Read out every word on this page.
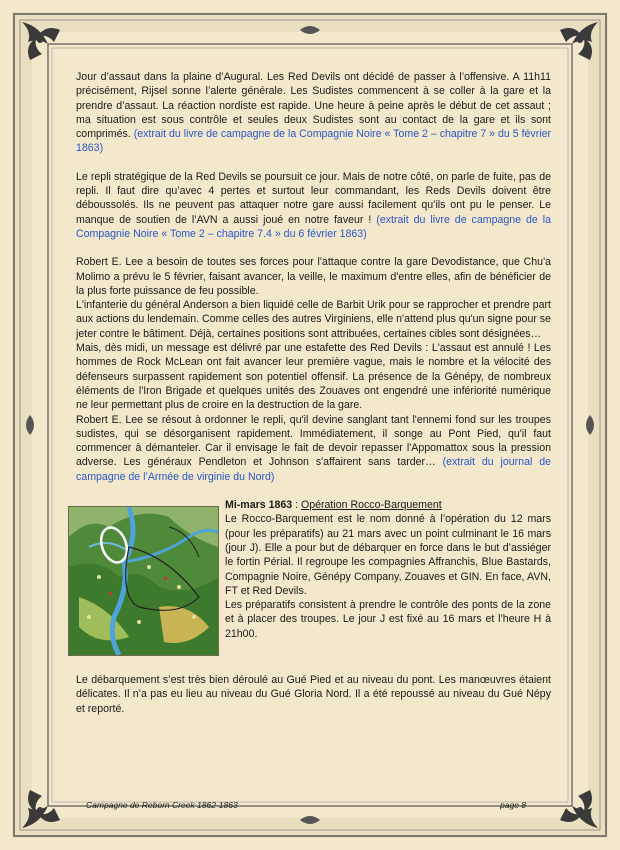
Jour d’assaut dans la plaine d’Augural. Les Red Devils ont décidé de passer à l’offensive. A 11h11 précisément, Rijsel sonne l’alerte générale. Les Sudistes commencent à se coller à la gare et la prendre d’assaut. La réaction nordiste est rapide. Une heure à peine après le début de cet assaut ; ma situation est sous contrôle et seules deux Sudistes sont au contact de la gare et ils sont comprimés. (extrait du livre de campagne de la Compagnie Noire « Tome 2 – chapitre 7 » du 5 février 1863)

Le repli stratégique de la Red Devils se poursuit ce jour. Mais de notre côté, on parle de fuite, pas de repli. Il faut dire qu’avec 4 pertes et surtout leur commandant, les Reds Devils doivent être déboussolés. Ils ne peuvent pas attaquer notre gare aussi facilement qu’ils ont pu le penser. Le manque de soutien de l’AVN a aussi joué en notre faveur ! (extrait du livre de campagne de la Compagnie Noire « Tome 2 – chapitre 7.4 » du 6 février 1863)

Robert E. Lee a besoin de toutes ses forces pour l'attaque contre la gare Devodistance, que Chu'a Molimo a prévu le 5 février, faisant avancer, la veille, le maximum d'entre elles, afin de bénéficier de la plus forte puissance de feu possible.

L'infanterie du général Anderson a bien liquidé celle de Barbit Urik pour se rapprocher et prendre part aux actions du lendemain. Comme celles des autres Virginiens, elle n'attend plus qu'un signe pour se jeter contre le bâtiment. Déjà, certaines positions sont attribuées, certaines cibles sont désignées…

Mais, dès midi, un message est délivré par une estafette des Red Devils : L'assaut est annulé ! Les hommes de Rock McLean ont fait avancer leur première vague, mais le nombre et la vélocité des défenseurs surpassent rapidement son potentiel offensif. La présence de la Génépy, de nombreux éléments de l'Iron Brigade et quelques unités des Zouaves ont engendré une infériorité numérique ne leur permettant plus de croire en la destruction de la gare.

Robert E. Lee se résout à ordonner le repli, qu'il devine sanglant tant l'ennemi fond sur les troupes sudistes, qui se désorganisent rapidement. Immédiatement, il songe au Pont Pied, qu'il faut commencer à démanteler. Car il envisage le fait de devoir repasser l'Appomattox sous la pression adverse. Les généraux Pendleton et Johnson s'affairent sans tarder… (extrait du journal de campagne de l’Armée de virginie du Nord)

Mi-mars 1863 : Opération Rocco-Barquement

Le Rocco-Barquement est le nom donné à l’opération du 12 mars (pour les préparatifs) au 21 mars avec un point culminant le 16 mars (jour J). Elle a pour but de débarquer en force dans le but d’assiéger le fortin Périal. Il regroupe les compagnies Affranchis, Blue Bastards, Compagnie Noire, Génépy Company, Zouaves et GIN. En face, AVN, FT et Red Devils.

Les préparatifs consistent à prendre le contrôle des ponts de la zone et à placer des troupes. Le jour J est fixé au 16 mars et l’heure H à 21h00.

Le débarquement s’est très bien déroulé au Gué Pied et au niveau du pont. Les manœuvres étaient délicates. Il n’a pas eu lieu au niveau du Gué Gloria Nord. Il a été repoussé au niveau du Gué Népy et reporté.

Campagne de Reborn Creek 1862-1863	page 8
